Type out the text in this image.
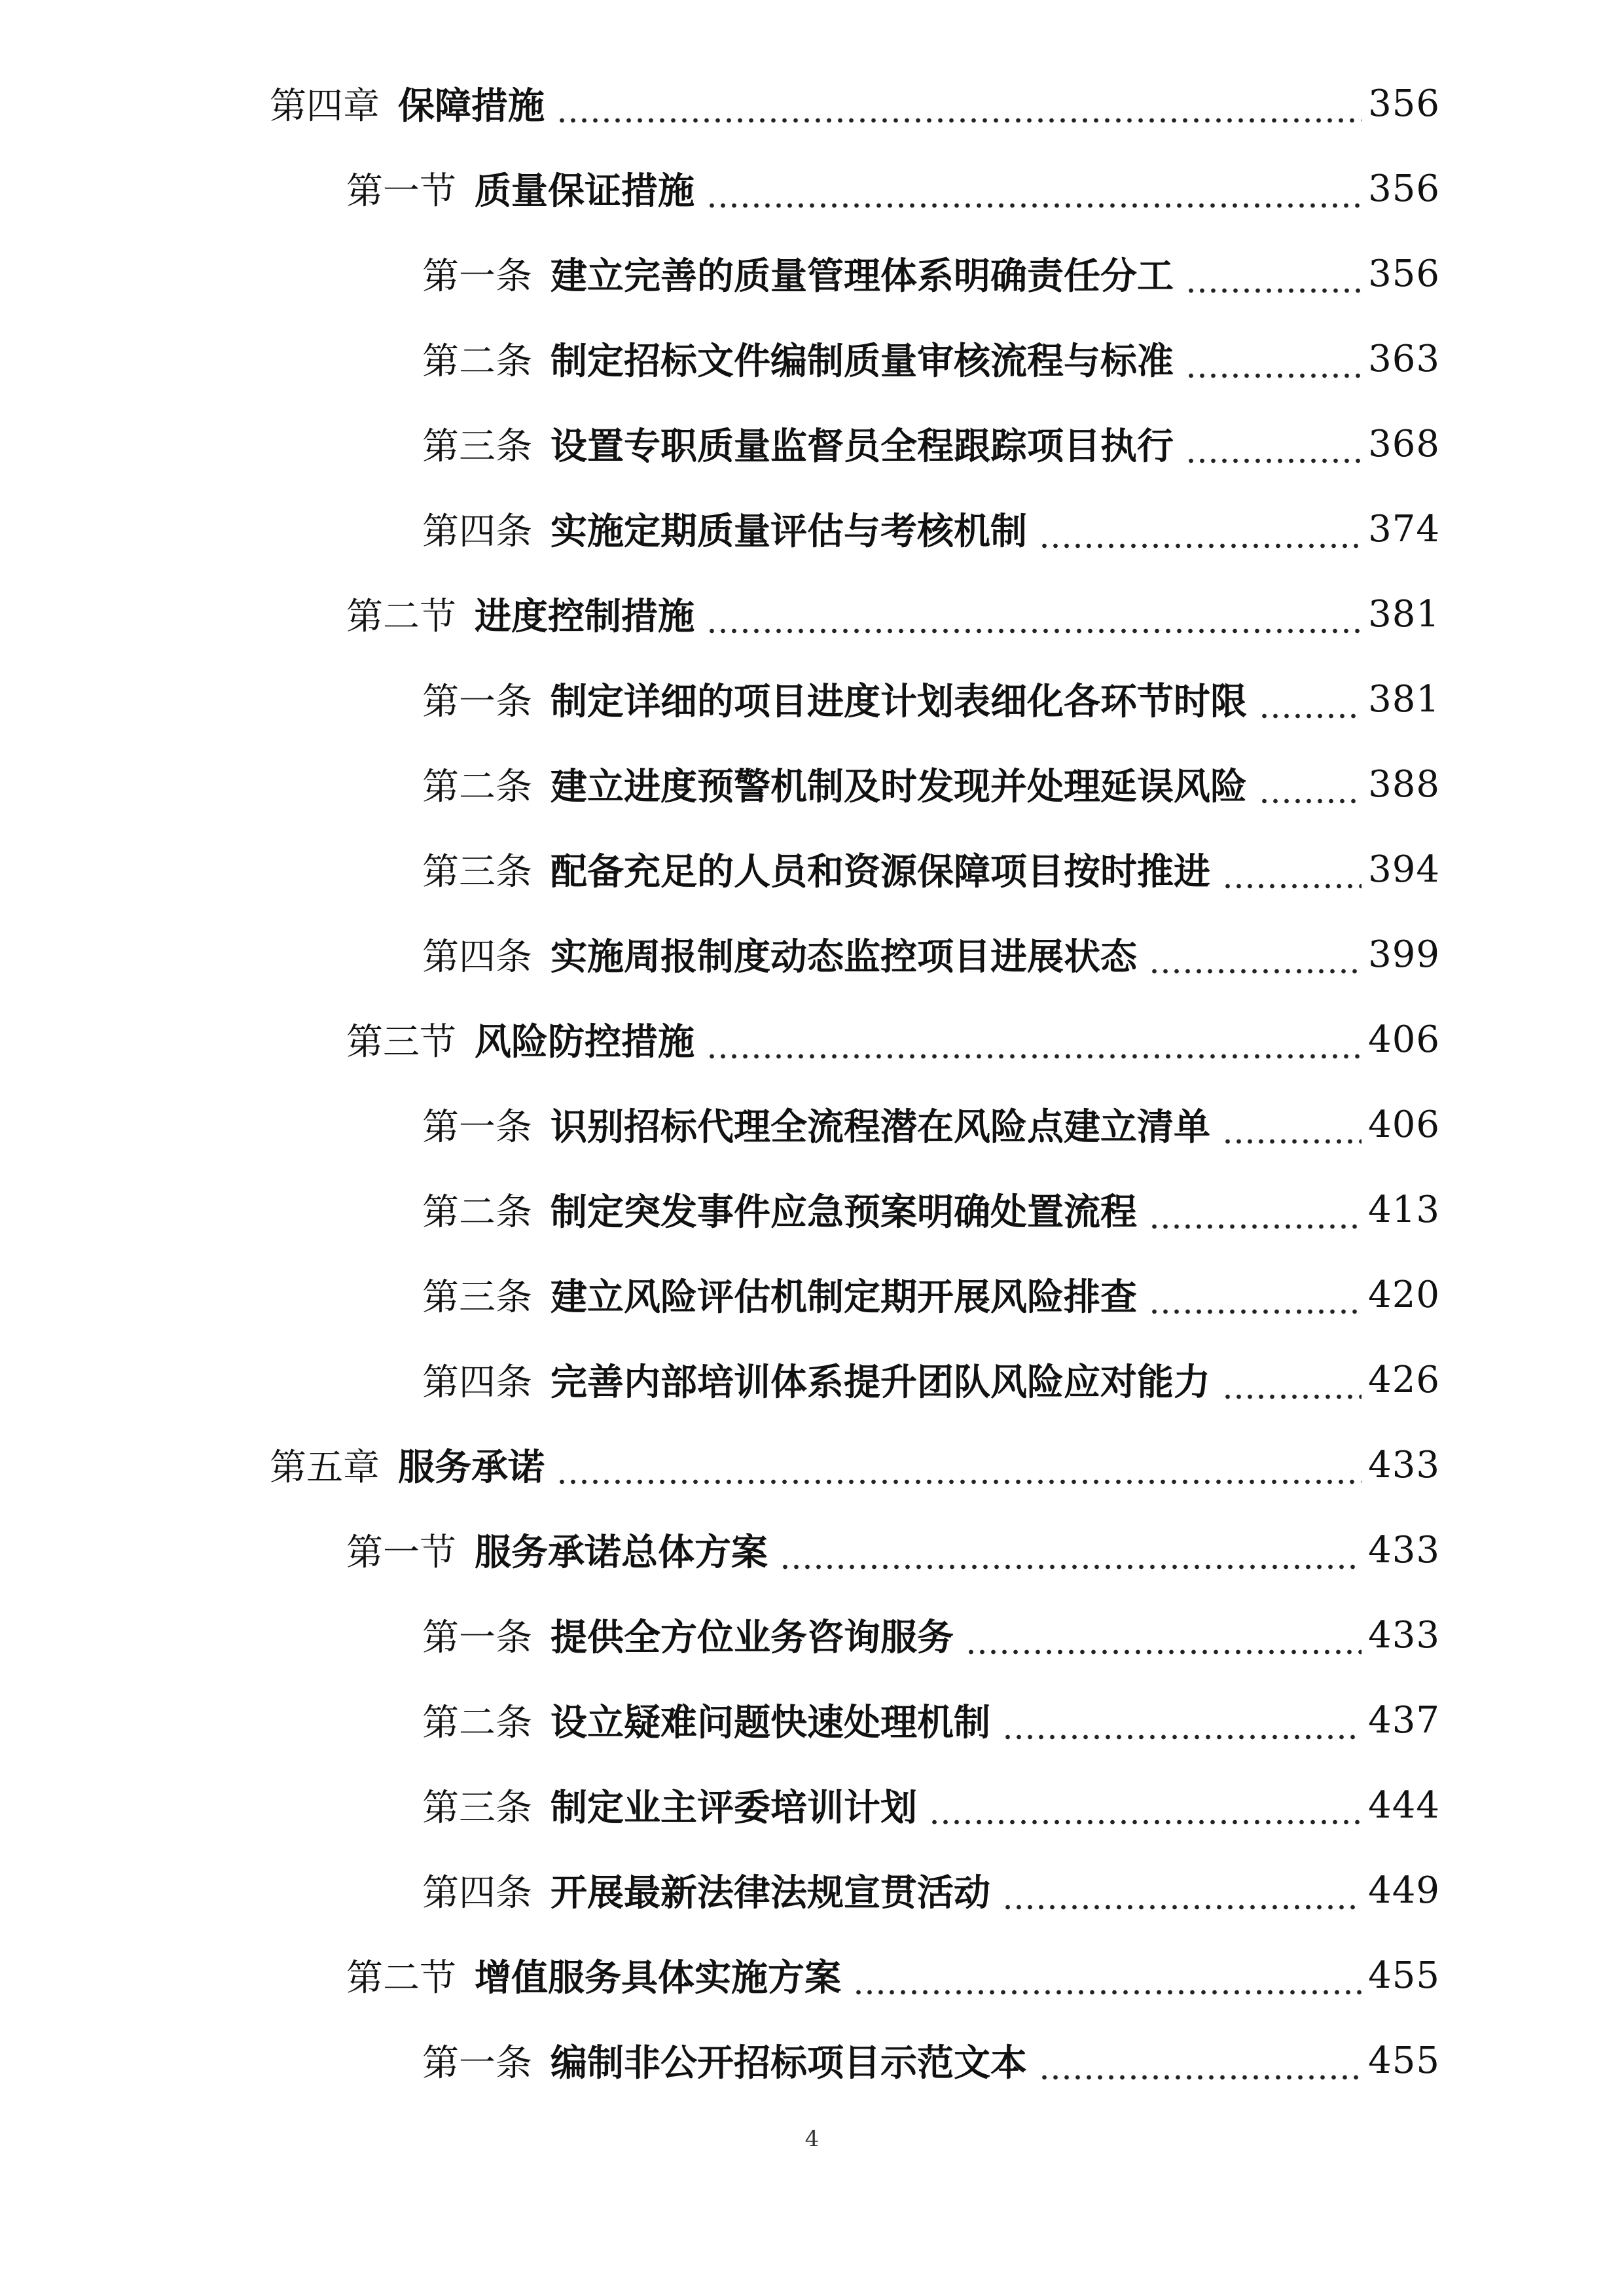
第四章 保障措施	356
第一节 质量保证措施	356
第一条 建立完善的质量管理体系明确责任分工	356
第二条 制定招标文件编制质量审核流程与标准	363
第三条 设置专职质量监督员全程跟踪项目执行	368
第四条 实施定期质量评估与考核机制	374
第二节 进度控制措施	381
第一条 制定详细的项目进度计划表细化各环节时限	381
第二条 建立进度预警机制及时发现并处理延误风险	388
第三条 配备充足的人员和资源保障项目按时推进	394
第四条 实施周报制度动态监控项目进展状态	399
第三节 风险防控措施	406
第一条 识别招标代理全流程潜在风险点建立清单	406
第二条 制定突发事件应急预案明确处置流程	413
第三条 建立风险评估机制定期开展风险排查	420
第四条 完善内部培训体系提升团队风险应对能力	426
第五章 服务承诺	433
第一节 服务承诺总体方案	433
第一条 提供全方位业务咨询服务	433
第二条 设立疑难问题快速处理机制	437
第三条 制定业主评委培训计划	444
第四条 开展最新法律法规宣贯活动	449
第二节 增值服务具体实施方案	455
第一条 编制非公开招标项目示范文本	455
4
